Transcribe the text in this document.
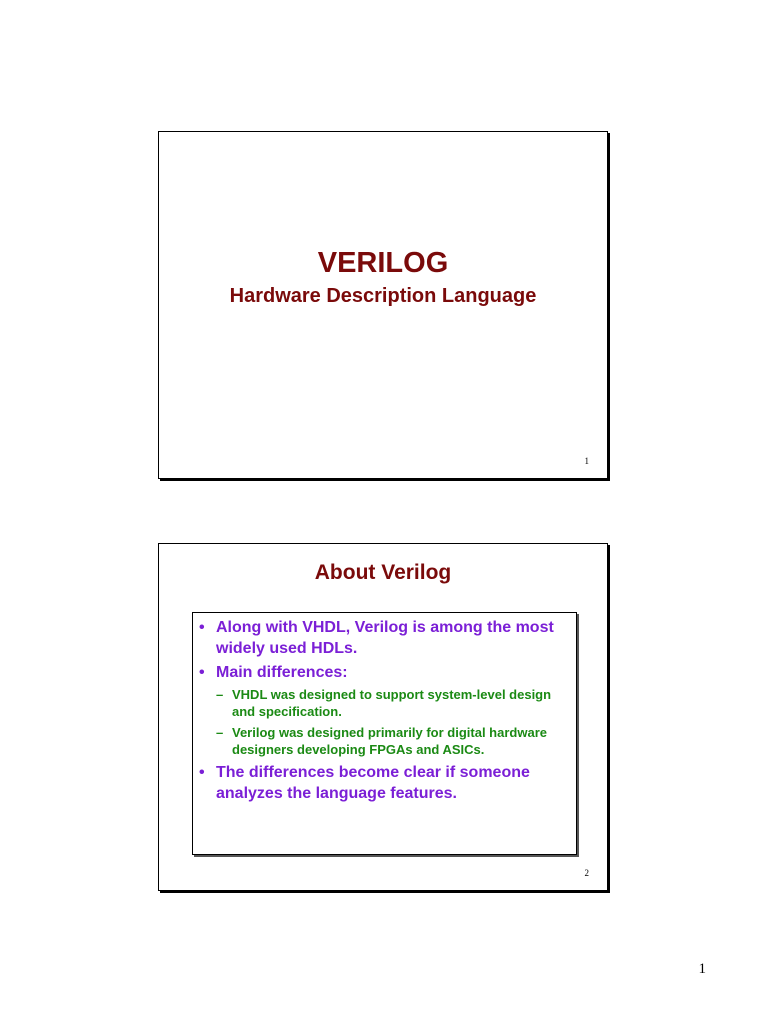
VERILOG
Hardware Description Language
1
About Verilog
• Along with VHDL, Verilog is among the most widely used HDLs.
• Main differences:
– VHDL was designed to support system-level design and specification.
– Verilog was designed primarily for digital hardware designers developing FPGAs and ASICs.
• The differences become clear if someone analyzes the language features.
2
1
